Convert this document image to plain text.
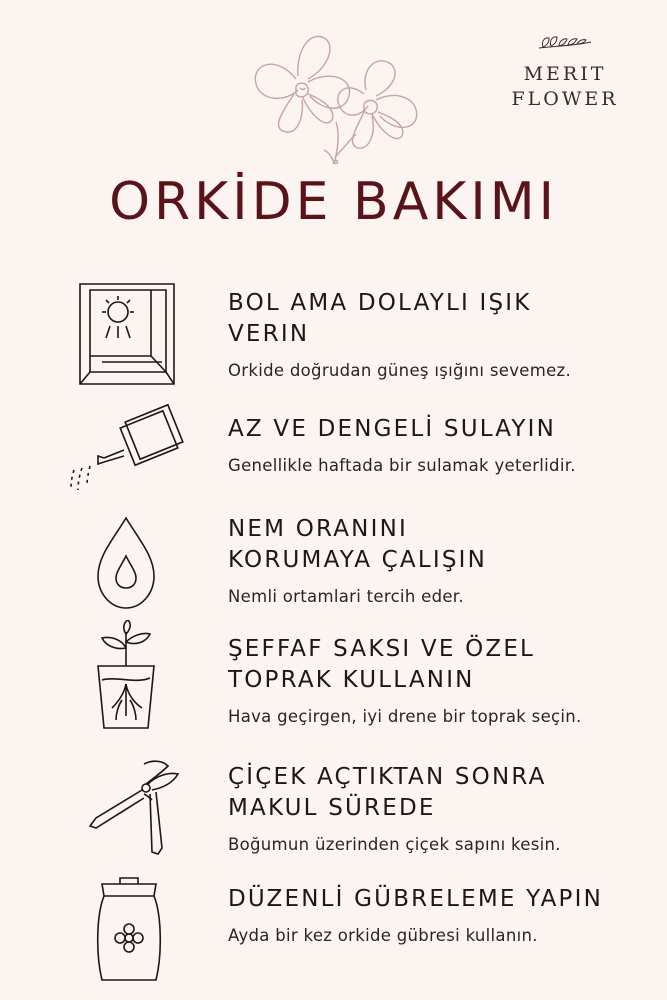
MERIT
FLOWER
ORKİDE BAKIMI
BOL AMA DOLAYLI IŞIK
VERIN
Orkide doğrudan güneş ışığını sevemez.
AZ VE DENGELİ SULAYIN
Genellikle haftada bir sulamak yeterlidir.
NEM ORANINI
KORUMAYA ÇALIŞIN
Nemli ortamlari tercih eder.
ŞEFFAF SAKSI VE ÖZEL
TOPRAK KULLANIN
Hava geçirgen, iyi drene bir toprak seçin.
ÇİÇEK AÇTIKTAN SONRA
MAKUL SÜREDE
Boğumun üzerinden çiçek sapını kesin.
DÜZENLİ GÜBRELEME YAPIN
Ayda bir kez orkide gübresi kullanın.
